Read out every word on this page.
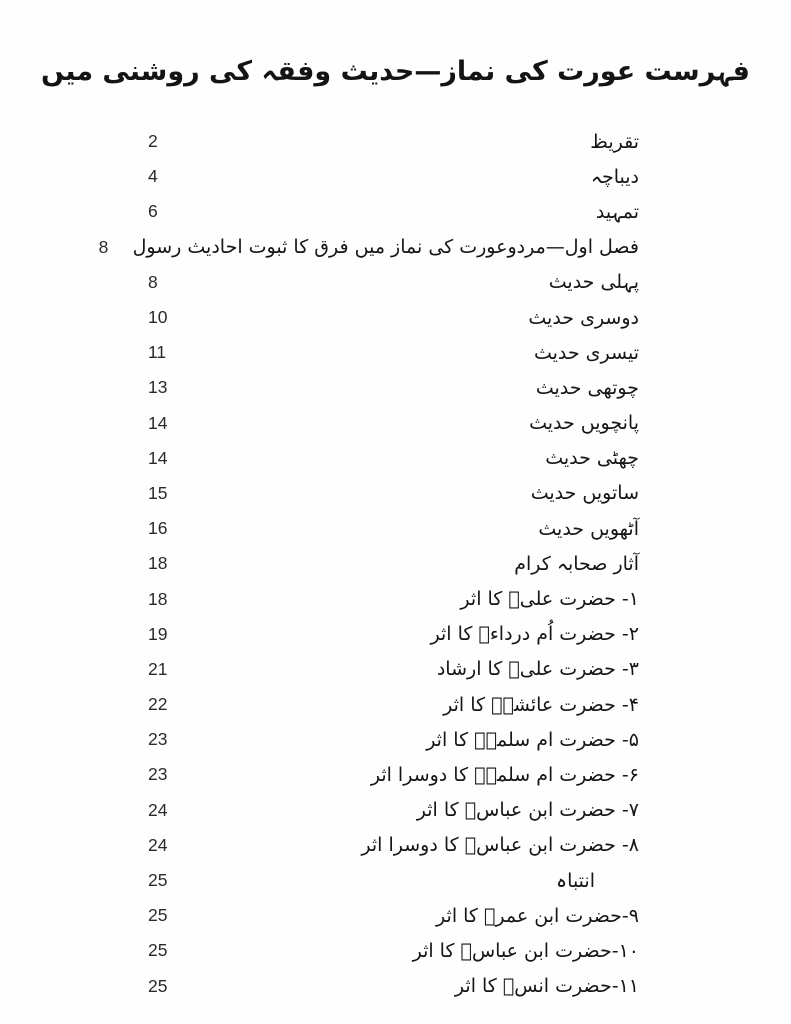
فہرست عورت کی نماز—حدیث وفقہ کی روشنی میں
تقریظ
2
دیباچہ
4
تمہید
6
فصل اول—مردوعورت کی نماز میں فرق کا ثبوت احادیث رسول
8
پہلی حدیث
8
دوسری حدیث
10
تیسری حدیث
11
چوتھی حدیث
13
پانچویں حدیث
14
چھٹی حدیث
14
ساتویں حدیث
15
آٹھویں حدیث
16
آثار صحابہ کرام
18
۱- حضرت علیؓ کا اثر
18
۲- حضرت اُم درداءؓ کا اثر
19
۳- حضرت علیؓ کا ارشاد
21
۴- حضرت عائشہؓ کا اثر
22
۵- حضرت ام سلمہؓ کا اثر
23
۶- حضرت ام سلمہؓ کا دوسرا اثر
23
۷- حضرت ابن عباسؓ کا اثر
24
۸- حضرت ابن عباسؓ کا دوسرا اثر
24
انتباہ
25
۹-حضرت ابن عمرؓ کا اثر
25
۱۰-حضرت ابن عباسؓ کا اثر
25
۱۱-حضرت انسؓ کا اثر
25
